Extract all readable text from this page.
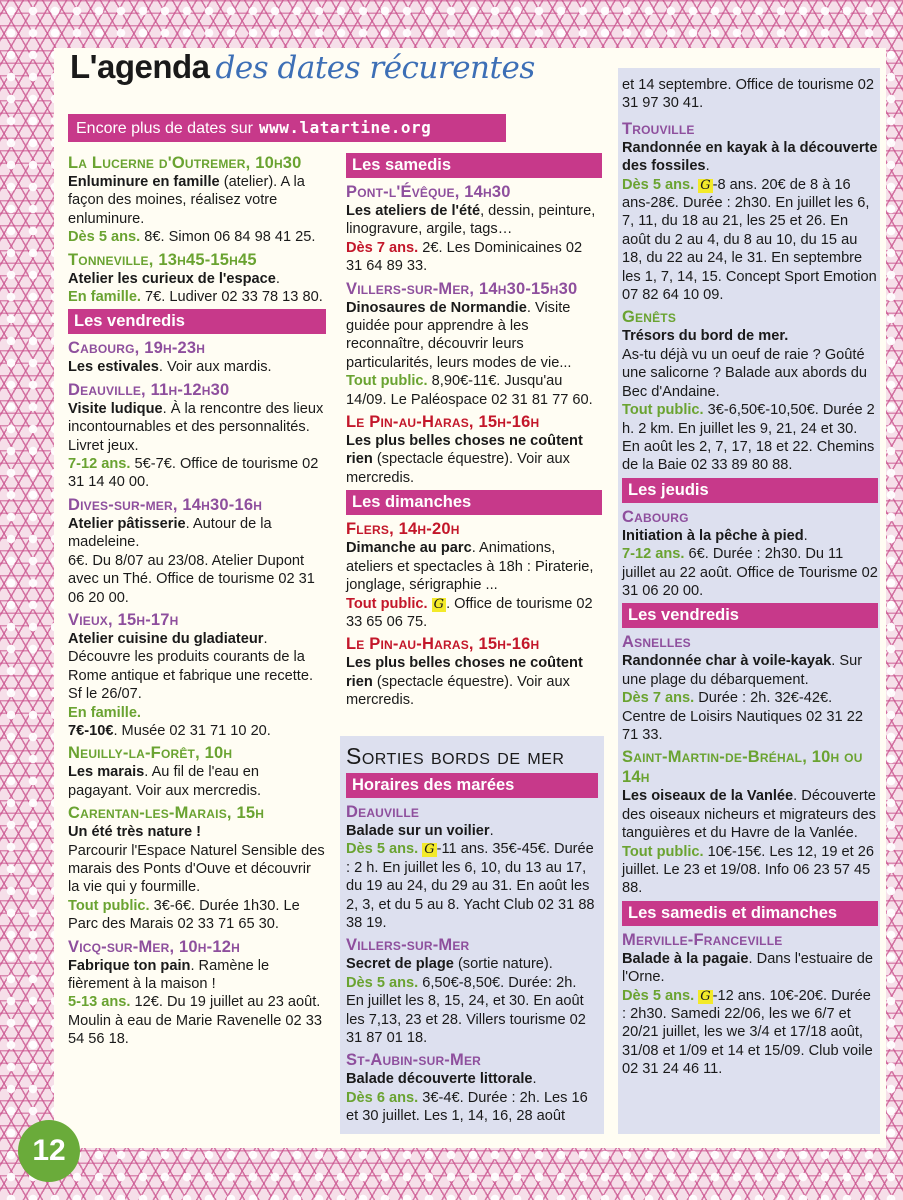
L'agenda des dates récurentes
Encore plus de dates sur www.latartine.org
Sorties bords de mer
Horaires des marées
Deauville

Balade sur un voilier.

Dès 5 ans. G -11 ans. 35€-45€. Durée : 2 h. En juillet les 6, 10, du 13 au 17, du 19 au 24, du 29 au 31. En août les 2, 3, et du 5 au 8. Yacht Club 02 31 88 38 19.

Villers-sur-Mer

Secret de plage (sortie nature).

Dès 5 ans. 6,50€-8,50€. Durée: 2h. En juillet les 8, 15, 24, et 30. En août les 7,13, 23 et 28. Villers tourisme 02 31 87 01 18.

St-Aubin-sur-Mer

Balade découverte littorale.

Dès 6 ans. 3€-4€. Durée : 2h. Les 16 et 30 juillet. Les 1, 14, 16, 28 août

La Lucerne d'Outremer, 10h30

Enluminure en famille (atelier). A la façon des moines, réalisez votre enluminure.

Dès 5 ans. 8€. Simon 06 84 98 41 25.

Tonneville, 13h45-15h45

Atelier les curieux de l'espace.

En famille. 7€. Ludiver 02 33 78 13 80.

Les vendredis
Cabourg, 19h-23h

Les estivales. Voir aux mardis.

Deauville, 11h-12h30

Visite ludique. À la rencontre des lieux incontournables et des personnalités. Livret jeux.

7-12 ans. 5€-7€. Office de tourisme 02 31 14 40 00.

Dives-sur-mer, 14h30-16h

Atelier pâtisserie. Autour de la madeleine.

6€. Du 8/07 au 23/08. Atelier Dupont avec un Thé. Office de tourisme 02 31 06 20 00.

Vieux, 15h-17h

Atelier cuisine du gladiateur. Découvre les produits courants de la Rome antique et fabrique une recette. Sf le 26/07.

En famille.

7€-10€. Musée 02 31 71 10 20.

Neuilly-la-Forêt, 10h

Les marais. Au fil de l'eau en pagayant. Voir aux mercredis.

Carentan-les-Marais, 15h

Un été très nature !

Parcourir l'Espace Naturel Sensible des marais des Ponts d'Ouve et découvrir la vie qui y fourmille.

Tout public. 3€-6€. Durée 1h30. Le Parc des Marais 02 33 71 65 30.

Vicq-sur-Mer, 10h-12h

Fabrique ton pain. Ramène le fièrement à la maison !

5-13 ans. 12€. Du 19 juillet au 23 août. Moulin à eau de Marie Ravenelle 02 33 54 56 18.

Les samedis
Pont-l'Évêque, 14h30

Les ateliers de l'été, dessin, peinture, linogravure, argile, tags…

Dès 7 ans. 2€. Les Dominicaines 02 31 64 89 33.

Villers-sur-Mer, 14h30-15h30

Dinosaures de Normandie. Visite guidée pour apprendre à les reconnaître, découvrir leurs particularités, leurs modes de vie...

Tout public. 8,90€-11€. Jusqu'au 14/09. Le Paléospace 02 31 81 77 60.

Le Pin-au-Haras, 15h-16h

Les plus belles choses ne coûtent rien (spectacle équestre). Voir aux mercredis.

Les dimanches
Flers, 14h-20h

Dimanche au parc. Animations, ateliers et spectacles à 18h : Piraterie, jonglage, sérigraphie ...

Tout public. G . Office de tourisme 02 33 65 06 75.

Le Pin-au-Haras, 15h-16h

Les plus belles choses ne coûtent rien (spectacle équestre). Voir aux mercredis.

et 14 septembre. Office de tourisme 02 31 97 30 41.

Trouville

Randonnée en kayak à la découverte des fossiles.

Dès 5 ans. G -8 ans. 20€ de 8 à 16 ans-28€. Durée : 2h30. En juillet les 6, 7, 11, du 18 au 21, les 25 et 26. En août du 2 au 4, du 8 au 10, du 15 au 18, du 22 au 24, le 31. En septembre les 1, 7, 14, 15. Concept Sport Emotion 07 82 64 10 09.

Genêts

Trésors du bord de mer.

As-tu déjà vu un oeuf de raie ? Goûté une salicorne ? Balade aux abords du Bec d'Andaine.

Tout public. 3€-6,50€-10,50€. Durée 2 h. 2 km. En juillet les 9, 21, 24 et 30. En août les 2, 7, 17, 18 et 22. Chemins de la Baie 02 33 89 80 88.

Les jeudis
Cabourg

Initiation à la pêche à pied.

7-12 ans. 6€. Durée : 2h30. Du 11 juillet au 22 août. Office de Tourisme 02 31 06 20 00.

Les vendredis
Asnelles

Randonnée char à voile-kayak. Sur une plage du débarquement.

Dès 7 ans. Durée : 2h. 32€-42€. Centre de Loisirs Nautiques 02 31 22 71 33.

Saint-Martin-de-Bréhal, 10h ou 14h

Les oiseaux de la Vanlée. Découverte des oiseaux nicheurs et migrateurs des tanguières et du Havre de la Vanlée.

Tout public. 10€-15€. Les 12, 19 et 26 juillet. Le 23 et 19/08. Info 06 23 57 45 88.

Les samedis et dimanches
Merville-Franceville

Balade à la pagaie. Dans l'estuaire de l'Orne.

Dès 5 ans. G -12 ans. 10€-20€. Durée : 2h30. Samedi 22/06, les we 6/7 et 20/21 juillet, les we 3/4 et 17/18 août, 31/08 et 1/09 et 14 et 15/09. Club voile 02 31 24 46 11.

12
